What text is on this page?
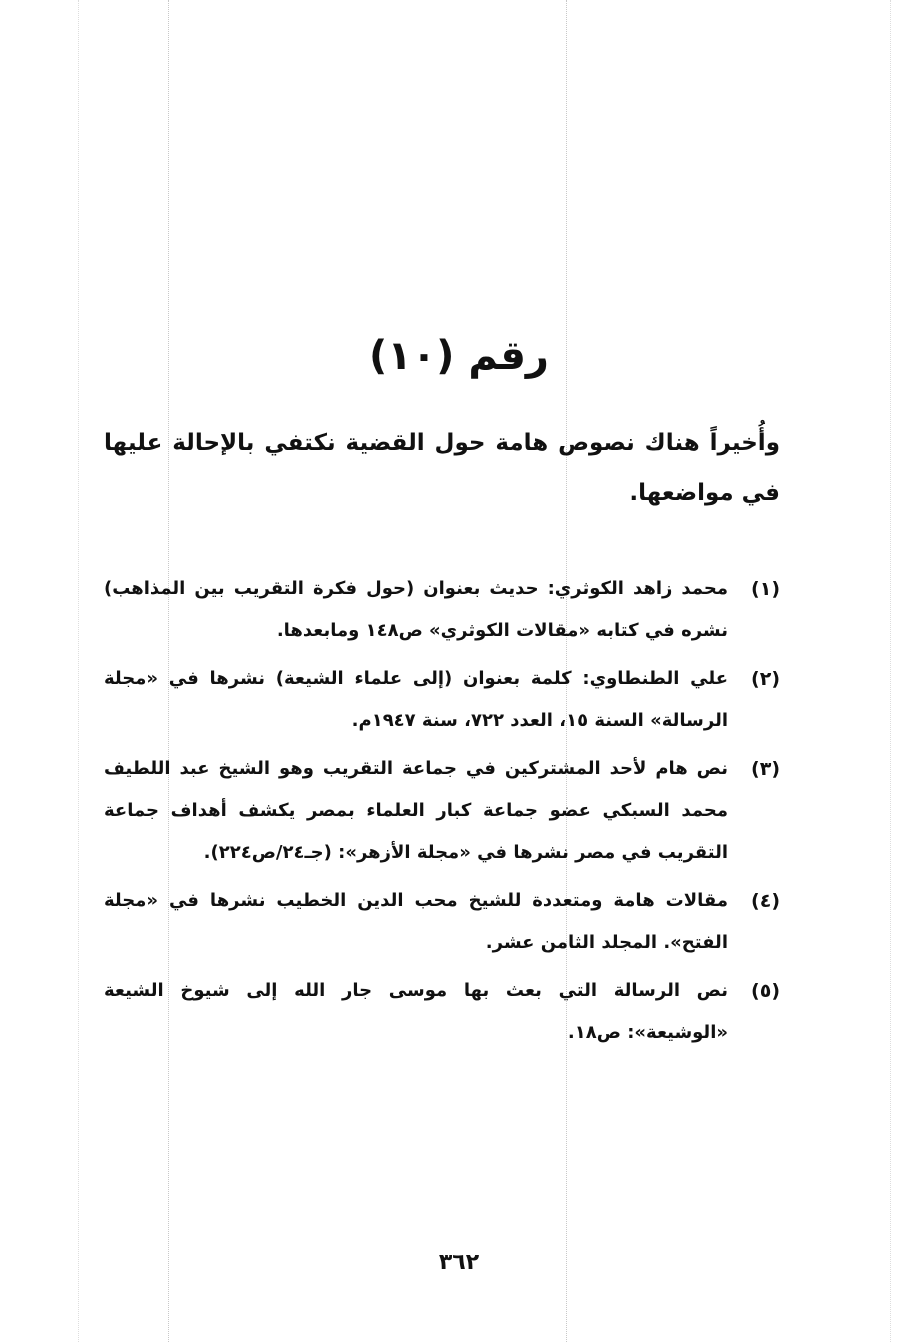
رقم (١٠)
وأُخيراً هناك نصوص هامة حول القضية نكتفي بالإحالة عليها في مواضعها.
(١)
محمد زاهد الكوثري: حديث بعنوان (حول فكرة التقريب بين المذاهب) نشره في كتابه «مقالات الكوثري» ص١٤٨ ومابعدها.
(٢)
علي الطنطاوي: كلمة بعنوان (إلى علماء الشيعة) نشرها في «مجلة الرسالة» السنة ١٥، العدد ٧٢٢، سنة ١٩٤٧م.
(٣)
نص هام لأحد المشتركين في جماعة التقريب وهو الشيخ عبد اللطيف محمد السبكي عضو جماعة كبار العلماء بمصر يكشف أهداف جماعة التقريب في مصر نشرها في «مجلة الأزهر»: (جـ٢٤/ص٢٢٤).
(٤)
مقالات هامة ومتعددة للشيخ محب الدين الخطيب نشرها في «مجلة الفتح». المجلد الثامن عشر.
(٥)
نص الرسالة التي بعث بها موسى جار الله إلى شيوخ الشيعة «الوشيعة»: ص١٨.
٣٦٢
